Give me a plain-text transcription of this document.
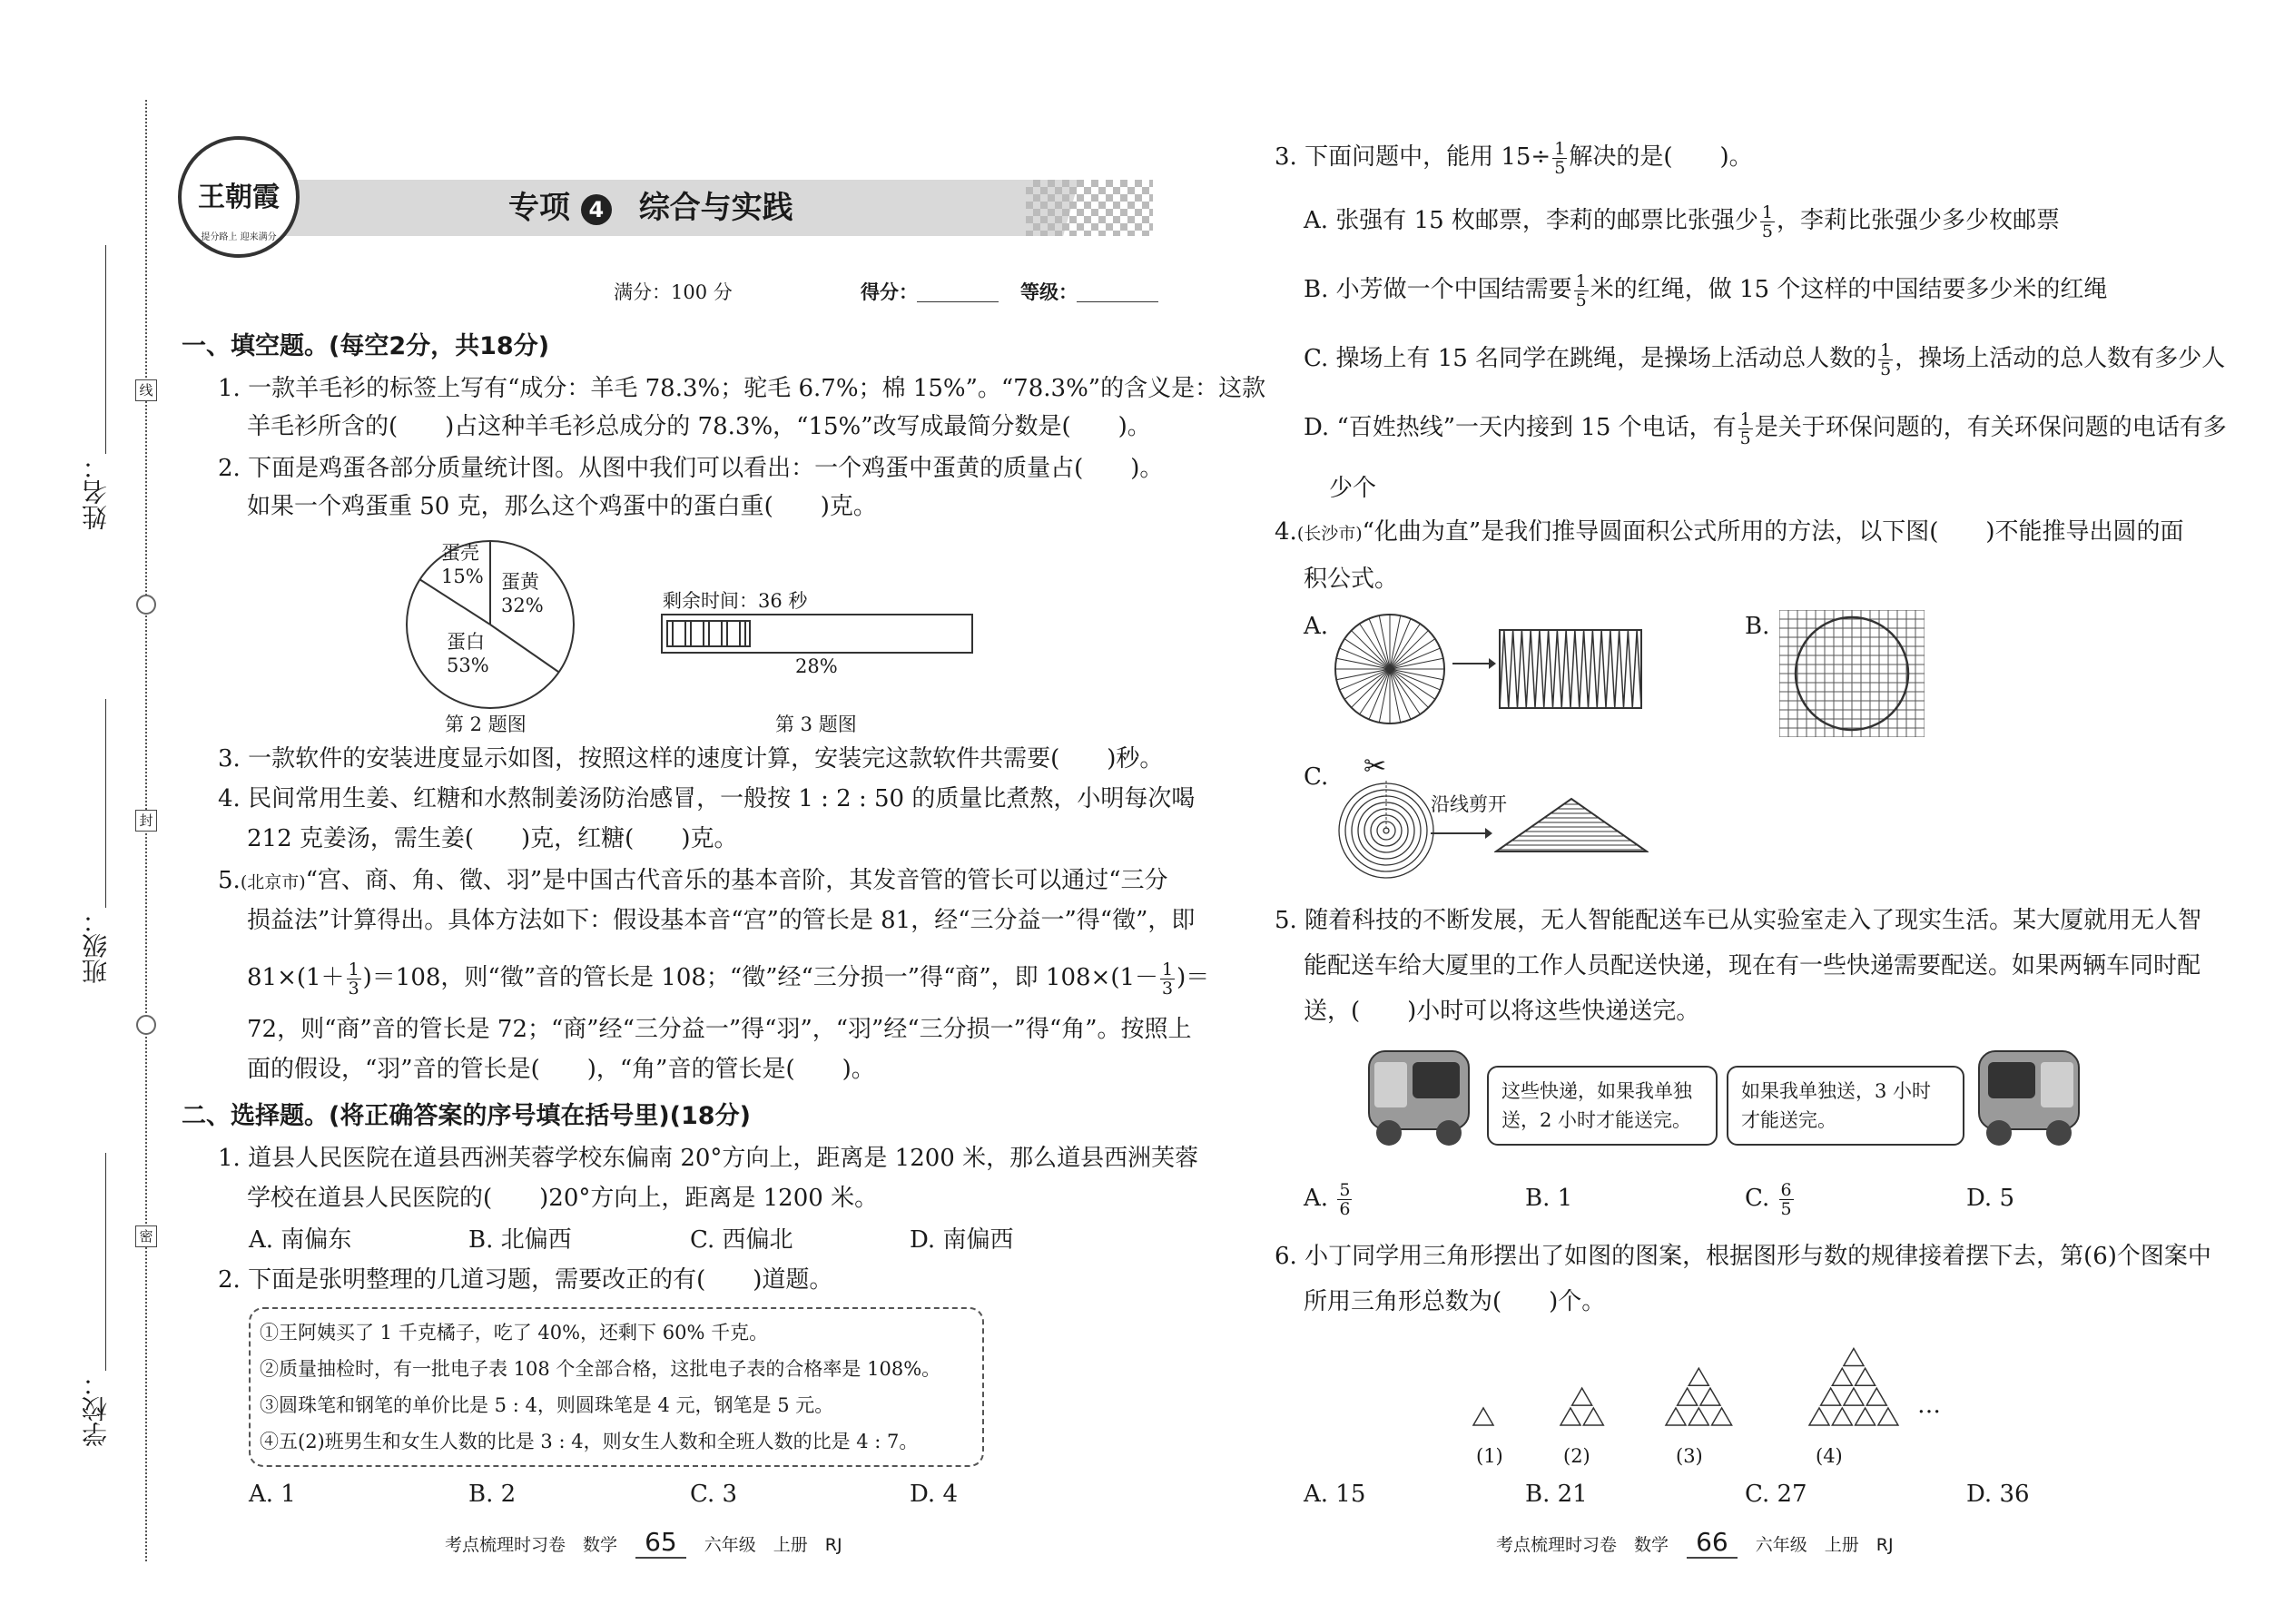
姓名：
班级：
学校：
线
封
密
王朝霞
提分路上 迎来满分
专项 4 综合与实践
满分：100 分	得分：	等级：
一、填空题。(每空2分，共18分)
1. 一款羊毛衫的标签上写有“成分：羊毛 78.3%；驼毛 6.7%；棉 15%”。“78.3%”的含义是：这款
羊毛衫所含的(　　)占这种羊毛衫总成分的 78.3%，“15%”改写成最简分数是(　　)。
2. 下面是鸡蛋各部分质量统计图。从图中我们可以看出：一个鸡蛋中蛋黄的质量占(　　)。
如果一个鸡蛋重 50 克，那么这个鸡蛋中的蛋白重(　　)克。
蛋壳
15% 蛋黄
32%
蛋白
53%
第 2 题图
剩余时间：36 秒
28%
第 3 题图
3. 一款软件的安装进度显示如图，按照这样的速度计算，安装完这款软件共需要(　　)秒。
4. 民间常用生姜、红糖和水熬制姜汤防治感冒，一般按 1 : 2 : 50 的质量比煮熬，小明每次喝
212 克姜汤，需生姜(　　)克，红糖(　　)克。
5.(北京市)“宫、商、角、徵、羽”是中国古代音乐的基本音阶，其发音管的管长可以通过“三分
损益法”计算得出。具体方法如下：假设基本音“宫”的管长是 81，经“三分益一”得“徵”，即
$81\times(1+ \frac{1}{3} )=108$，则“徵”音的管长是 108；“徵”经“三分损一”得“商”，即 $108\times(1- \frac{1}{3}$ )＝
72，则“商”音的管长是 72；“商”经“三分益一”得“羽”，“羽”经“三分损一”得“角”。按照上
面的假设，“羽”音的管长是(　　)，“角”音的管长是(　　)。
二、选择题。(将正确答案的序号填在括号里)(18分)
1. 道县人民医院在道县西洲芙蓉学校东偏南 20°方向上，距离是 1200 米，那么道县西洲芙蓉
学校在道县人民医院的(　　)20°方向上，距离是 1200 米。
A. 南偏东	B. 北偏西	C. 西偏北	D. 南偏西
2. 下面是张明整理的几道习题，需要改正的有(　　)道题。
①王阿姨买了 1 千克橘子，吃了 40%，还剩下 60% 千克。
②质量抽检时，有一批电子表 108 个全部合格，这批电子表的合格率是 108%。
③圆珠笔和钢笔的单价比是 5 : 4，则圆珠笔是 4 元，钢笔是 5 元。
④五(2)班男生和女生人数的比是 3 : 4，则女生人数和全班人数的比是 4 : 7。
A. 1	B. 2	C. 3	D. 4
考点梳理时习卷　数学 65 六年级　上册　RJ
3. 下面问题中，能用 $15\div \frac{1}{5}$ 解决的是(　　)。
A. 张强有 15 枚邮票，李莉的邮票比张强少 $\frac{1}{5}$ ，李莉比张强少多少枚邮票
B. 小芳做一个中国结需要 $\frac{1}{5}$ 米的红绳，做 15 个这样的中国结要多少米的红绳
C. 操场上有 15 名同学在跳绳，是操场上活动总人数的 $\frac{1}{5}$ ，操场上活动的总人数有多少人
D. “百姓热线”一天内接到 15 个电话，有 $\frac{1}{5}$ 是关于环保问题的，有关环保问题的电话有多
少个
4.(长沙市)“化曲为直”是我们推导圆面积公式所用的方法，以下图(　　)不能推导出圆的面
积公式。
A.	B.
C. ✂
沿线剪开
5. 随着科技的不断发展，无人智能配送车已从实验室走入了现实生活。某大厦就用无人智
能配送车给大厦里的工作人员配送快递，现在有一些快递需要配送。如果两辆车同时配
送，(　　)小时可以将这些快递送完。
这些快递，如果我单独
送，2 小时才能送完。
如果我单独送，3 小时
才能送完。
A. $\frac{5}{6}$	B. 1	C. $\frac{6}{5}$	D. 5
6. 小丁同学用三角形摆出了如图的图案，根据图形与数的规律接着摆下去，第(6)个图案中
所用三角形总数为(　　)个。
(1)	(2)	(3)	(4)
…
A. 15	B. 21	C. 27	D. 36
考点梳理时习卷　数学 66 六年级　上册　RJ
